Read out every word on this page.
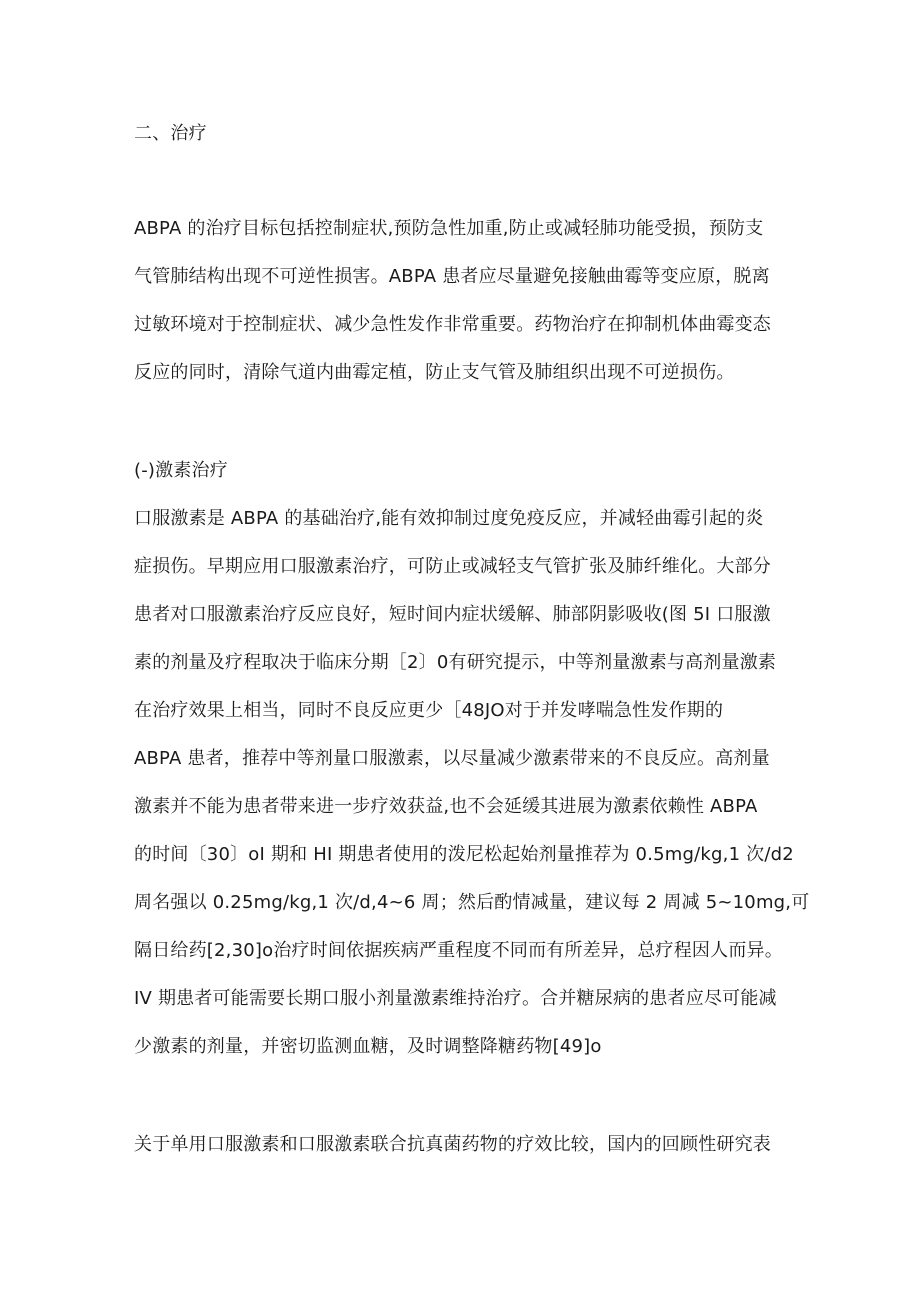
二、治疗
ABPA 的治疗目标包括控制症状,预防急性加重,防止或减轻肺功能受损，预防支
气管肺结构出现不可逆性损害。ABPA 患者应尽量避免接触曲霉等变应原，脱离
过敏环境对于控制症状、减少急性发作非常重要。药物治疗在抑制机体曲霉变态
反应的同时，清除气道内曲霉定植，防止支气管及肺组织出现不可逆损伤。
(-)激素治疗
口服激素是 ABPA 的基础治疗,能有效抑制过度免疫反应，并减轻曲霉引起的炎
症损伤。早期应用口服激素治疗，可防止或减轻支气管扩张及肺纤维化。大部分
患者对口服激素治疗反应良好，短时间内症状缓解、肺部阴影吸收(图 5I 口服激
素的剂量及疗程取决于临床分期［2〕0有研究提示，中等剂量激素与高剂量激素
在治疗效果上相当，同时不良反应更少［48JO对于并发哮喘急性发作期的
ABPA 患者，推荐中等剂量口服激素，以尽量减少激素带来的不良反应。高剂量
激素并不能为患者带来进一步疗效获益,也不会延缓其进展为激素依赖性 ABPA
的时间〔30〕oI 期和 HI 期患者使用的泼尼松起始剂量推荐为 0.5mg/kg,1 次/d2
周名强以 0.25mg/kg,1 次/d,4~6 周；然后酌情减量，建议每 2 周减 5~10mg,可
隔日给药[2,30]o治疗时间依据疾病严重程度不同而有所差异，总疗程因人而异。
IV 期患者可能需要长期口服小剂量激素维持治疗。合并糖尿病的患者应尽可能减
少激素的剂量，并密切监测血糖，及时调整降糖药物[49]o
关于单用口服激素和口服激素联合抗真菌药物的疗效比较，国内的回顾性研究表
